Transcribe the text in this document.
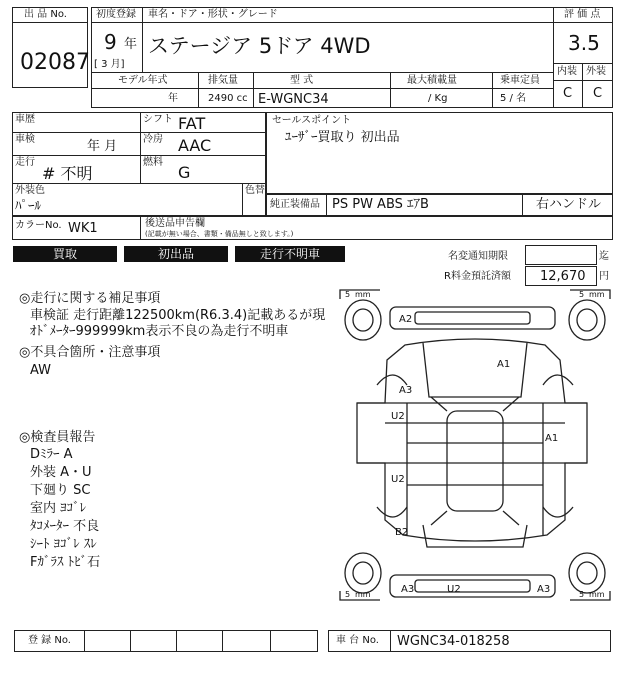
出 品 No.
02087
初度登録 車名・ドア・形状・グレード
9 年
[ 3 月]
ステージア 5ドア 4WD
評 価 点
3.5
内装 外装
C C
モデル年式	排気量	型 式	最大積載量	乗車定員
年	2490 cc E-WGNC34	/ Kg	5 / 名
車歴	シフト FAT
車検	年 月	冷房 AAC
走行
# 不明
燃料
G
外装色
ﾊﾟｰﾙ
色替
セールスポイント
ﾕｰｻﾞｰ買取り 初出品
純正装備品 PS PW ABS ｴｱB	右ハンドル
カラーNo. WK1	後送品申告欄
(記載が無い場合、書類・備品無しと致します。)
買取	初出品	走行不明車	名変通知期限	迄
R料金預託済額 12,670 円
◎走行に関する補足事項
車検証 走行距離122500km(R6.3.4)記載あるが現
ｵﾄﾞﾒｰﾀｰ999999km表示不良の為走行不明車
◎不具合箇所・注意事項
AW
◎検査員報告
Dﾐﾗｰ A
外装 A・U
下廻り SC
室内 ﾖｺﾞﾚ
ﾀｺﾒｰﾀｰ 不良
ｼｰﾄ ﾖｺﾞﾚ ｽﾚ
Fｶﾞﾗｽ ﾄﾋﾞ石
5 mm	5 mm
5 mm	5 mm
A2
A1
A3
U2
A1
U2
B2
A3	U2	A3
登 録 No.	車 台 No. WGNC34-018258
